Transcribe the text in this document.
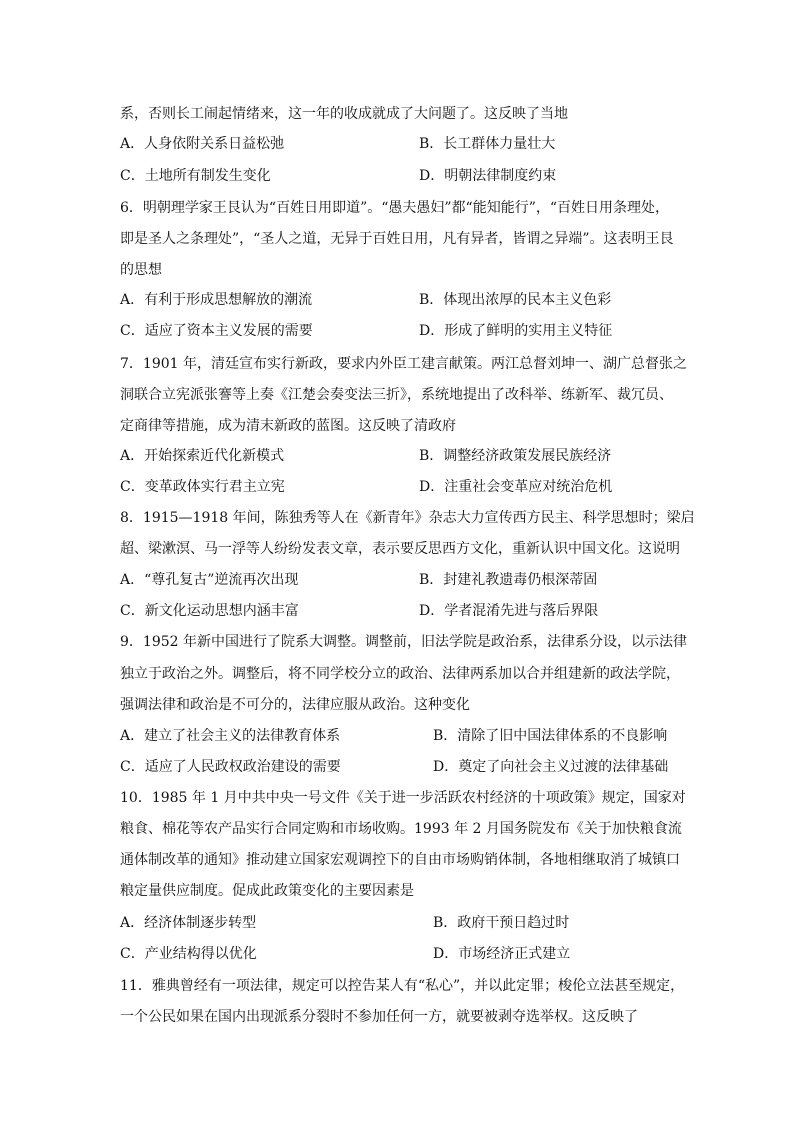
系，否则长工闹起情绪来，这一年的收成就成了大问题了。这反映了当地
A．人身依附关系日益松弛	B．长工群体力量壮大
C．土地所有制发生变化	D．明朝法律制度约束
6．明朝理学家王艮认为“百姓日用即道”。“愚夫愚妇”都“能知能行”，“百姓日用条理处，
即是圣人之条理处”，“圣人之道，无异于百姓日用，凡有异者，皆谓之异端”。这表明王艮
的思想
A．有利于形成思想解放的潮流	B．体现出浓厚的民本主义色彩
C．适应了资本主义发展的需要	D．形成了鲜明的实用主义特征
7．1901 年，清廷宣布实行新政，要求内外臣工建言献策。两江总督刘坤一、湖广总督张之
洞联合立宪派张謇等上奏《江楚会奏变法三折》，系统地提出了改科举、练新军、裁冗员、
定商律等措施，成为清末新政的蓝图。这反映了清政府
A．开始探索近代化新模式	B．调整经济政策发展民族经济
C．变革政体实行君主立宪	D．注重社会变革应对统治危机
8．1915—1918 年间，陈独秀等人在《新青年》杂志大力宣传西方民主、科学思想时；梁启
超、梁漱溟、马一浮等人纷纷发表文章，表示要反思西方文化，重新认识中国文化。这说明
A．“尊孔复古”逆流再次出现	B．封建礼教遗毒仍根深蒂固
C．新文化运动思想内涵丰富	D．学者混淆先进与落后界限
9．1952 年新中国进行了院系大调整。调整前，旧法学院是政治系，法律系分设，以示法律
独立于政治之外。调整后，将不同学校分立的政治、法律两系加以合并组建新的政法学院，
强调法律和政治是不可分的，法律应服从政治。这种变化
A．建立了社会主义的法律教育体系	B．清除了旧中国法律体系的不良影响
C．适应了人民政权政治建设的需要	D．奠定了向社会主义过渡的法律基础
10．1985 年 1 月中共中央一号文件《关于进一步活跃农村经济的十项政策》规定，国家对
粮食、棉花等农产品实行合同定购和市场收购。1993 年 2 月国务院发布《关于加快粮食流
通体制改革的通知》推动建立国家宏观调控下的自由市场购销体制，各地相继取消了城镇口
粮定量供应制度。促成此政策变化的主要因素是
A．经济体制逐步转型	B．政府干预日趋过时
C．产业结构得以优化	D．市场经济正式建立
11．雅典曾经有一项法律，规定可以控告某人有“私心”，并以此定罪；梭伦立法甚至规定，
一个公民如果在国内出现派系分裂时不参加任何一方，就要被剥夺选举权。这反映了
